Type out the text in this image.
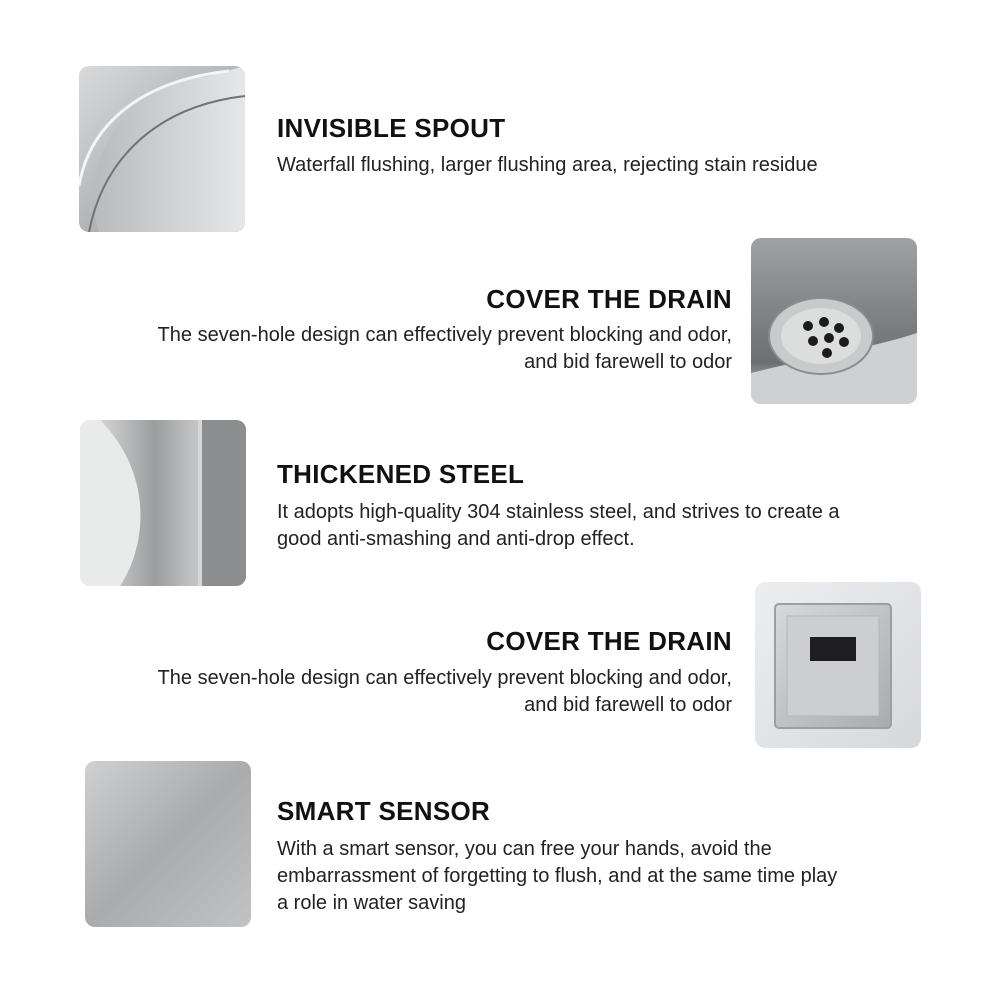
INVISIBLE SPOUT

Waterfall flushing, larger flushing area, rejecting stain residue

COVER THE DRAIN

The seven-hole design can effectively prevent blocking and odor,

and bid farewell to odor

THICKENED STEEL

It adopts high-quality 304 stainless steel, and strives to create a

good anti-smashing and anti-drop effect.

COVER THE DRAIN

The seven-hole design can effectively prevent blocking and odor,

and bid farewell to odor

SMART SENSOR

With a smart sensor, you can free your hands, avoid the

embarrassment of forgetting to flush, and at the same time play

a role in water saving
